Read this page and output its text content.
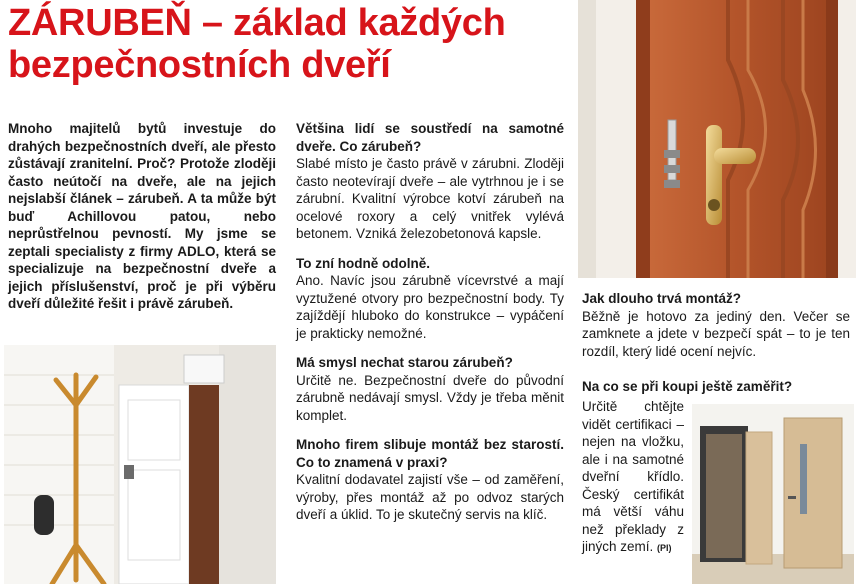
ZÁRUBEŇ – základ každých
bezpečnostních dveří
Mnoho majitelů bytů investuje do drahých bezpečnostních dveří, ale přesto zůstávají zranitelní. Proč? Protože zloději často neútočí na dveře, ale na jejich nejslabší článek – zárubeň. A ta může být buď Achillovou patou, nebo neprůstřelnou pevností. My jsme se zeptali specialisty z firmy ADLO, která se specializuje na bezpečnostní dveře a jejich příslušenství, proč je při výběru dveří důležité řešit i právě zárubeň.

Většina lidí se soustředí na samotné dveře. Co zárubeň?

Slabé místo je často právě v zárubni. Zloději často neotevírají dveře – ale vytrhnou je i se zárubní. Kvalitní výrobce kotví zárubeň na ocelové roxory a celý vnitřek vylévá betonem. Vzniká železobetonová kapsle.

To zní hodně odolně.

Ano. Navíc jsou zárubně vícevrstvé a mají vyztužené otvory pro bezpečnostní body. Ty zajíždějí hluboko do konstrukce – vypáčení je prakticky nemožné.

Má smysl nechat starou zárubeň?

Určitě ne. Bezpečnostní dveře do původní zárubně nedávají smysl. Vždy je třeba měnit komplet.

Mnoho firem slibuje montáž bez starostí. Co to znamená v praxi?

Kvalitní dodavatel zajistí vše – od zaměření, výroby, přes montáž až po odvoz starých dveří a úklid. To je skutečný servis na klíč.

Jak dlouho trvá montáž?

Běžně je hotovo za jediný den. Večer se zamknete a jdete v bezpečí spát – to je ten rozdíl, který lidé ocení nejvíc.

Na co se při koupi ještě zaměřit?

Určitě chtějte vidět certifikaci – nejen na vložku, ale i na samotné dveřní křídlo. Český certifikát má větší váhu než překlady z jiných zemí. (PI)
